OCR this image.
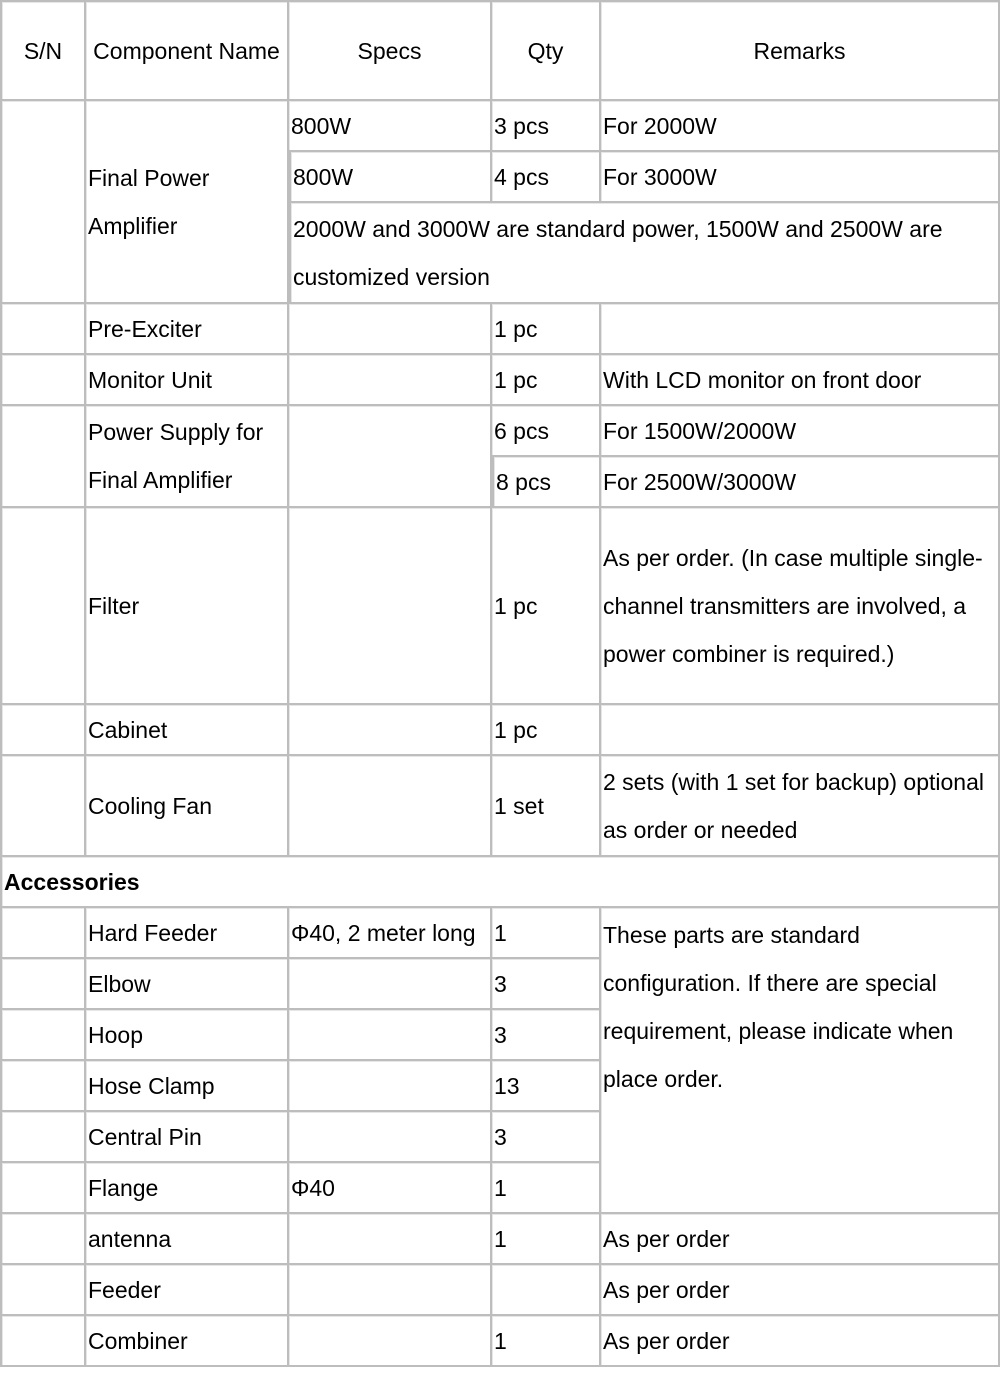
S/N	Component Name	Specs	Qty	Remarks
	Final Power Amplifier	800W	3 pcs	For 2000W
		800W	4 pcs	For 3000W
		2000W and 3000W are standard power, 1500W and 2500W are customized version		
	Pre-Exciter		1 pc	
	Monitor Unit		1 pc	With LCD monitor on front door
	Power Supply for Final Amplifier		6 pcs	For 1500W/2000W
			8 pcs	For 2500W/3000W
	Filter		1 pc	As per order. (In case multiple single-channel transmitters are involved, a power combiner is required.)
	Cabinet		1 pc	
	Cooling Fan		1 set	2 sets (with 1 set for backup) optional as order or needed
Accessories				
	Hard Feeder	Φ40, 2 meter long	1	These parts are standard configuration. If there are special requirement, please indicate when place order.
	Elbow		3	
	Hoop		3	
	Hose Clamp		13	
	Central Pin		3	
	Flange	Φ40	1	
	antenna		1	As per order
	Feeder			As per order
	Combiner		1	As per order
